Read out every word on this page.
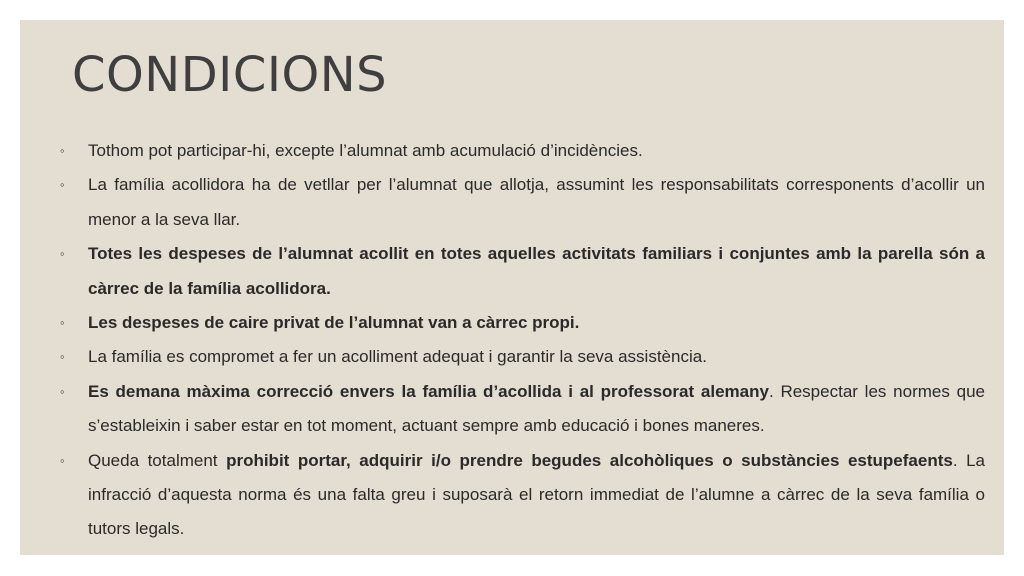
CONDICIONS
◦ Tothom pot participar-hi, excepte l’alumnat amb acumulació d’incidències.
◦ La família acollidora ha de vetllar per l’alumnat que allotja, assumint les responsabilitats corresponents d’acollir un menor a la seva llar.
◦ Totes les despeses de l’alumnat acollit en totes aquelles activitats familiars i conjuntes amb la parella són a càrrec de la família acollidora.
◦ Les despeses de caire privat de l’alumnat van a càrrec propi.
◦ La família es compromet a fer un acolliment adequat i garantir la seva assistència.
◦ Es demana màxima correcció envers la família d’acollida i al professorat alemany. Respectar les normes que s’estableixin i saber estar en tot moment, actuant sempre amb educació i bones maneres.
◦ Queda totalment prohibit portar, adquirir i/o prendre begudes alcohòliques o substàncies estupefaents. La infracció d’aquesta norma és una falta greu i suposarà el retorn immediat de l’alumne a càrrec de la seva família o tutors legals.
